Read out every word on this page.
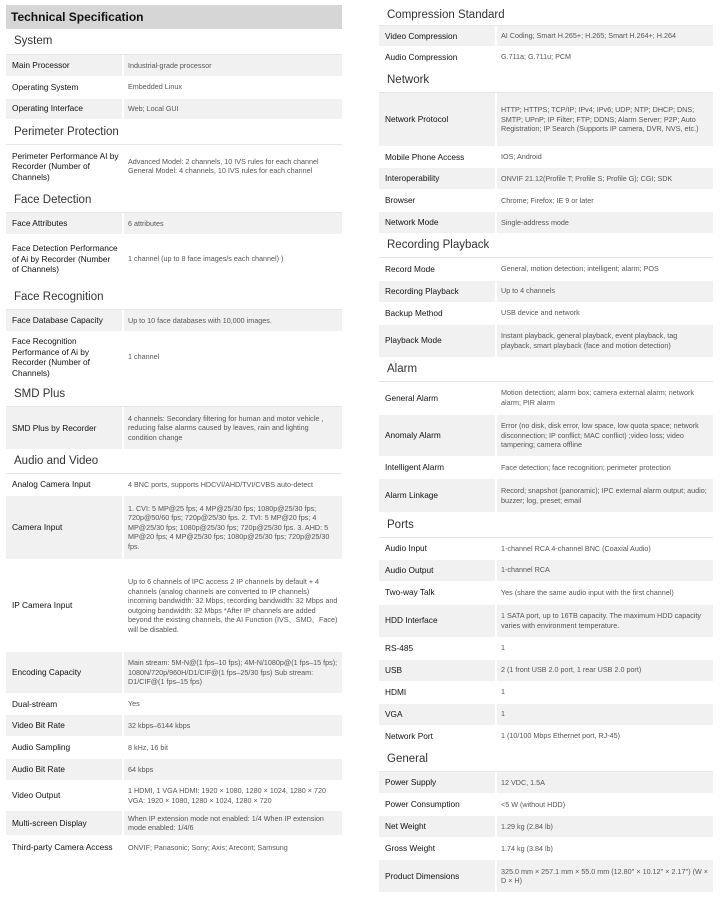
Technical Specification
System
Main Processor	Industrial-grade processor
Operating System	Embedded Linux
Operating Interface	Web; Local GUI
Perimeter Protection
Perimeter Performance AI by Recorder (Number of Channels)	Advanced Model: 2 channels, 10 IVS rules for each channel General Model: 4 channels, 10 IVS rules for each channel
Face Detection
Face Attributes	6 attributes
Face Detection Performance of Ai by Recorder (Number of Channels)	1 channel (up to 8 face images/s each channel) )
Face Recognition
Face Database Capacity	Up to 10 face databases with 10,000 images.
Face Recognition Performance of Ai by Recorder (Number of Channels)	1 channel
SMD Plus
SMD Plus by Recorder	4 channels: Secondary filtering for human and motor vehicle , reducing false alarms caused by leaves, rain and lighting condition change
Audio and Video
Analog Camera Input	4 BNC ports, supports HDCVI/AHD/TVI/CVBS auto-detect
Camera Input	1. CVI: 5 MP@25 fps; 4 MP@25/30 fps; 1080p@25/30 fps; 720p@50/60 fps; 720p@25/30 fps. 2. TVI: 5 MP@20 fps; 4 MP@25/30 fps; 1080p@25/30 fps; 720p@25/30 fps. 3. AHD: 5 MP@20 fps; 4 MP@25/30 fps; 1080p@25/30 fps; 720p@25/30 fps.
IP Camera Input	Up to 6 channels of IPC access 2 IP channels by default + 4 channels (analog channels are converted to IP channels) incoming bandwidth: 32 Mbps, recording bandwidth: 32 Mbps and outgoing bandwidth: 32 Mbps *After IP channels are added beyond the existing channels, the AI Function (IVS、SMD、Face) will be disabled.
Encoding Capacity	Main stream: 5M-N@(1 fps–10 fps); 4M-N/1080p@(1 fps–15 fps); 1080N/720p/960H/D1/CIF@(1 fps–25/30 fps) Sub stream: D1/CIF@(1 fps–15 fps)
Dual-stream	Yes
Video Bit Rate	32 kbps–6144 kbps
Audio Sampling	8 kHz, 16 bit
Audio Bit Rate	64 kbps
Video Output	1 HDMI, 1 VGA HDMI: 1920 × 1080, 1280 × 1024, 1280 × 720 VGA: 1920 × 1080, 1280 × 1024, 1280 × 720
Multi-screen Display	When IP extension mode not enabled: 1/4 When IP extension mode enabled: 1/4/6
Third-party Camera Access	ONVIF; Panasonic; Sony; Axis; Arecont; Samsung
Compression Standard
Video Compression	AI Coding; Smart H.265+; H.265; Smart H.264+; H.264
Audio Compression	G.711a; G.711u; PCM
Network
Network Protocol	HTTP; HTTPS; TCP/IP; IPv4; IPv6; UDP; NTP; DHCP; DNS; SMTP; UPnP; IP Filter; FTP; DDNS; Alarm Server; P2P; Auto Registration; IP Search (Supports IP camera, DVR, NVS, etc.)
Mobile Phone Access	IOS; Android
Interoperability	ONVIF 21.12(Profile T; Profile S; Profile G); CGI; SDK
Browser	Chrome; Firefox; IE 9 or later
Network Mode	Single-address mode
Recording Playback
Record Mode	General, motion detection; intelligent; alarm; POS
Recording Playback	Up to 4 channels
Backup Method	USB device and network
Playback Mode	Instant playback, general playback, event playback, tag playback, smart playback (face and motion detection)
Alarm
General Alarm	Motion detection; alarm box; camera external alarm; network alarm; PIR alarm
Anomaly Alarm	Error (no disk, disk error, low space, low quota space; network disconnection; IP conflict; MAC conflict) ;video loss; video tampering; camera offline
Intelligent Alarm	Face detection; face recognition; perimeter protection
Alarm Linkage	Record; snapshot (panoramic); IPC external alarm output; audio; buzzer; log, preset; email
Ports
Audio Input	1-channel RCA 4-channel BNC (Coaxial Audio)
Audio Output	1-channel RCA
Two-way Talk	Yes (share the same audio input with the first channel)
HDD Interface	1 SATA port, up to 16TB capacity. The maximum HDD capacity varies with environment temperature.
RS-485	1
USB	2 (1 front USB 2.0 port, 1 rear USB 2.0 port)
HDMI	1
VGA	1
Network Port	1 (10/100 Mbps Ethernet port, RJ-45)
General
Power Supply	12 VDC, 1.5A
Power Consumption	<5 W (without HDD)
Net Weight	1.29 kg (2.84 lb)
Gross Weight	1.74 kg (3.84 lb)
Product Dimensions	325.0 mm × 257.1 mm × 55.0 mm (12.80'' × 10.12'' × 2.17'') (W × D × H)
